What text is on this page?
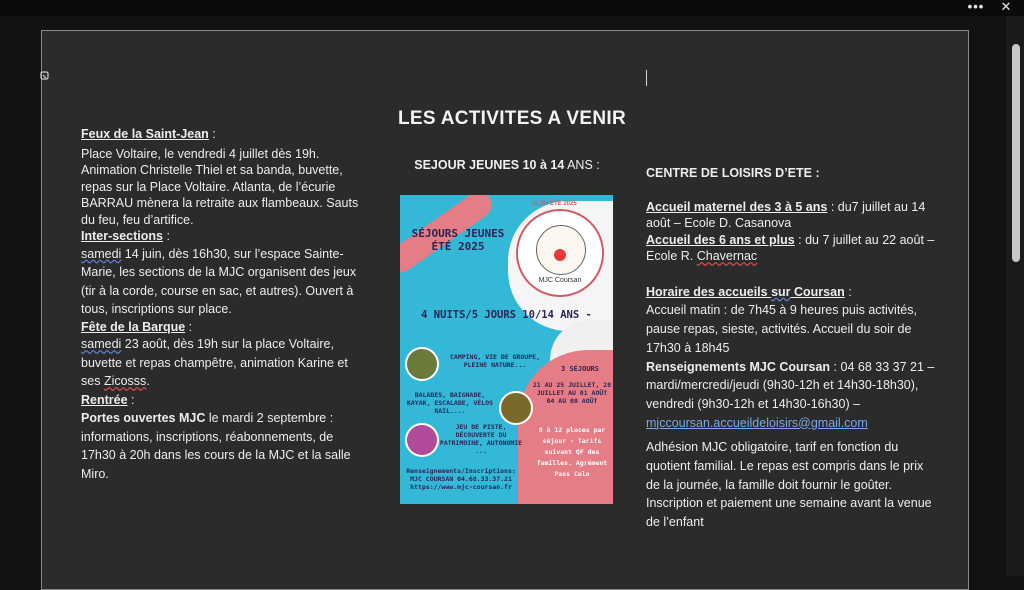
•••	✕
LES ACTIVITES A VENIR

Feux de la Saint-Jean :

Place Voltaire, le vendredi 4 juillet dès 19h. Animation Christelle Thiel et sa banda, buvette, repas sur la Place Voltaire. Atlanta, de l’écurie BARRAU mènera la retraite aux flambeaux. Sauts du feu, feu d’artifice.

Inter-sections :

samedi 14 juin, dès 16h30, sur l’espace Sainte-Marie, les sections de la MJC organisent des jeux (tir à la corde, course en sac, et autres). Ouvert à tous, inscriptions sur place.

Fête de la Barque :

samedi 23 août, dès 19h sur la place Voltaire, buvette et repas champêtre, animation Karine et ses Zicosss.

Rentrée :

Portes ouvertes MJC le mardi 2 septembre : informations, inscriptions, réabonnements, de 17h30 à 20h dans les cours de la MJC et la salle Miro.

SEJOUR JEUNES 10 à 14 ANS :
ALSH ÉTÉ 2025
MJC Coursan
SÉJOURS JEUNES ÉTÉ 2025
4 NUITS/5 JOURS 10/14 ANS -
CAMPING, VIE DE GROUPE, PLEINE NATURE...	3 SÉJOURS
21 AU 25 JUILLET, 28 JUILLET AU 01 AOÛT 04 AU 08 AOÛT
BALADES, BAIGNADE, KAYAK, ESCALADE, VÉLOS RAIL....
8 à 12 places par séjour - Tarifs suivant QF des familles. Agrément Pass Colo
JEU DE PISTE, DÉCOUVERTE DU PATRIMOINE, AUTONOMIE ...
Renseignements/Inscriptions: MJC COURSAN 04.68.33.37.21 https://www.mjc-coursan.fr

CENTRE DE LOISIRS D’ETE :

Accueil maternel des 3 à 5 ans : du7 juillet au 14 août – Ecole D. Casanova

Accueil des 6 ans et plus : du 7 juillet au 22 août – Ecole R. Chavernac

Horaire des accueils sur Coursan :

Accueil matin : de 7h45 à 9 heures puis activités, pause repas, sieste, activités. Accueil du soir de 17h30 à 18h45

Renseignements MJC Coursan : 04 68 33 37 21 – mardi/mercredi/jeudi (9h30-12h et 14h30-18h30), vendredi (9h30-12h et 14h30-16h30) –

mjccoursan.accueildeloisirs@gmail.com

Adhésion MJC obligatoire, tarif en fonction du quotient familial. Le repas est compris dans le prix de la journée, la famille doit fournir le goûter. Inscription et paiement une semaine avant la venue de l’enfant
